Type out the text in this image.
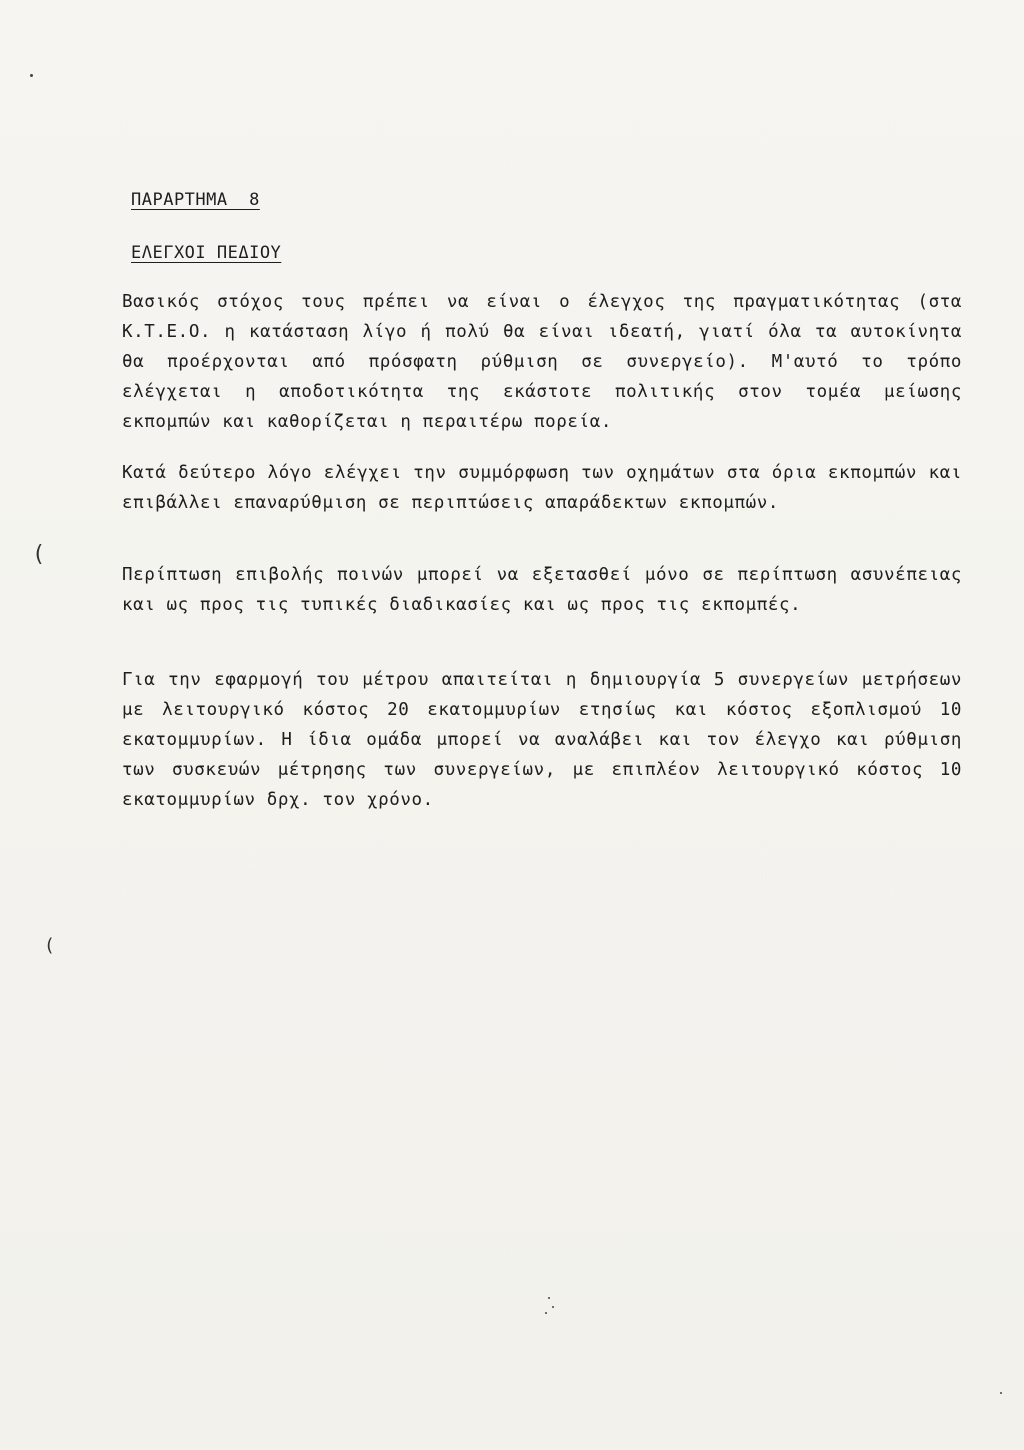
ΠΑΡΑΡΤΗΜΑ  8
ΕΛΕΓΧΟΙ ΠΕΔΙΟΥ

Βασικός στόχος τους πρέπει να είναι ο έλεγχος της πραγματικότητας (στα Κ.Τ.Ε.Ο. η κατάσταση λίγο ή πολύ θα είναι ιδεατή, γιατί όλα τα αυτοκίνητα θα προέρχονται από πρόσφατη ρύθμιση σε συνεργείο). Μ'αυτό το τρόπο ελέγχεται η αποδοτικότητα της εκάστοτε πολιτικής στον τομέα μείωσης εκπομπών και καθορίζεται η περαιτέρω πορεία.

Κατά δεύτερο λόγο ελέγχει την συμμόρφωση των οχημάτων στα όρια εκπομπών και επιβάλλει επαναρύθμιση σε περιπτώσεις απαράδεκτων εκπομπών.

Περίπτωση επιβολής ποινών μπορεί να εξετασθεί μόνο σε περίπτωση ασυνέπειας και ως προς τις τυπικές διαδικασίες και ως προς τις εκπομπές.

Για την εφαρμογή του μέτρου απαιτείται η δημιουργία 5 συνεργείων μετρήσεων με λειτουργικό κόστος 20 εκατομμυρίων ετησίως και κόστος εξοπλισμού 10 εκατομμυρίων. Η ίδια ομάδα μπορεί να αναλάβει και τον έλεγχο και ρύθμιση των συσκευών μέτρησης των συνεργείων, με επιπλέον λειτουργικό κόστος 10 εκατομμυρίων δρχ. τον χρόνο.

(
(
